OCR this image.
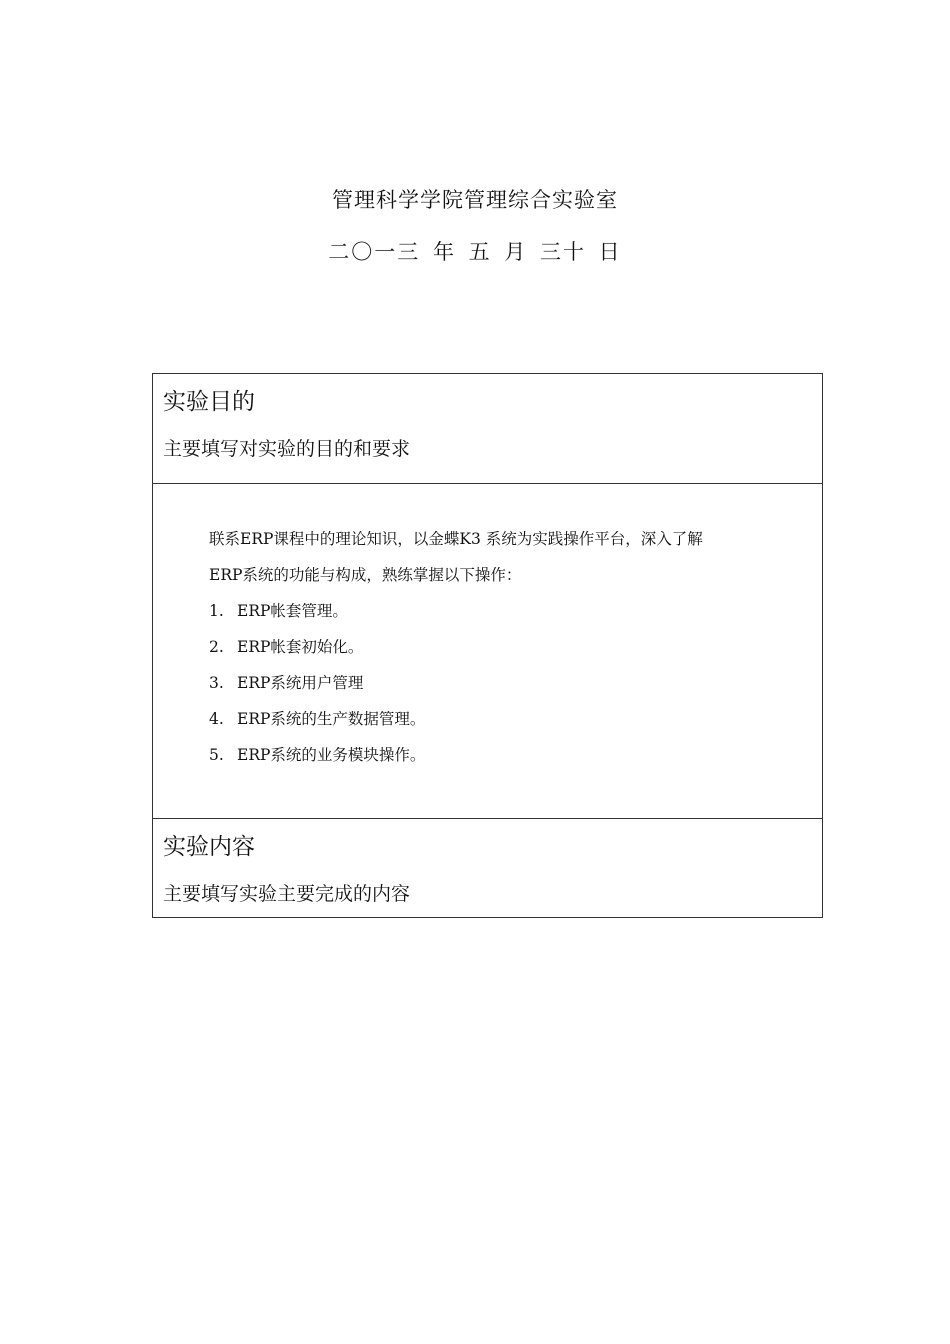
管理科学学院管理综合实验室
二〇一三 年 五 月 三十 日
实验目的
主要填写对实验的目的和要求
联系ERP课程中的理论知识，以金蝶K3 系统为实践操作平台，深入了解
ERP系统的功能与构成，熟练掌握以下操作：
1. ERP帐套管理。
2. ERP帐套初始化。
3. ERP系统用户管理
4. ERP系统的生产数据管理。
5. ERP系统的业务模块操作。
实验内容
主要填写实验主要完成的内容
